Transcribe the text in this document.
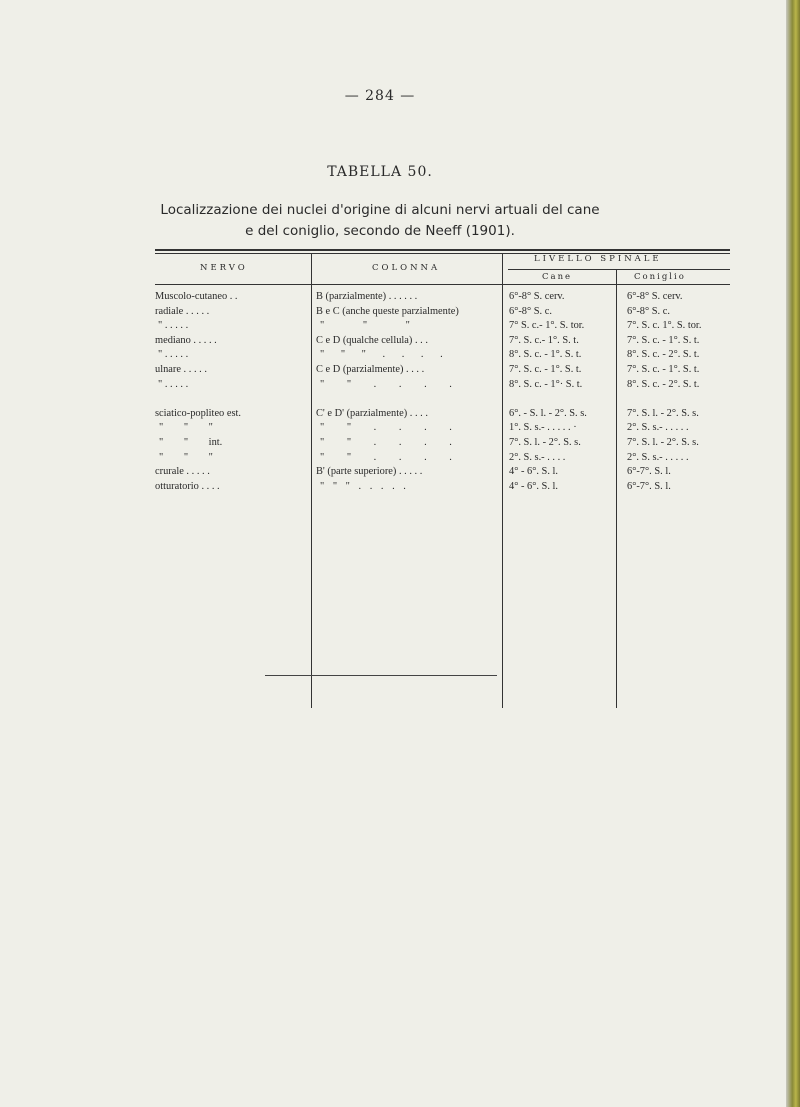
— 284 —
TABELLA 50.
Localizzazione dei nuclei d'origine di alcuni nervi artuali del cane
e del coniglio, secondo de Neeff (1901).
NERVO	COLONNA
LIVELLO SPINALE
Cane	Coniglio
Muscolo-cutaneo . .
radiale . . . . .
" . . . . .
mediano . . . . .
" . . . . .
ulnare . . . . .
" . . . . .
sciatico-popliteo est.
" " "
" " int.
" " "
crurale . . . . .
otturatorio . . . .
B (parzialmente) . . . . . .
B e C (anche queste parzialmente)
" " "
C e D (qualche cellula) . . .
" " " . . . .
C e D (parzialmente) . . . .
" " . . . .
C' e D' (parzialmente) . . . .
" " . . . .
" " . . . .
" " . . . .
B' (parte superiore) . . . . .
" " " . . . . .
6°-8° S. cerv.
6°-8° S. c.
7° S. c.- 1°. S. tor.
7°. S. c.- 1°. S. t.
8°. S. c. - 1°. S. t.
7°. S. c. - 1°. S. t.
8°. S. c. - 1°· S. t.
6°. - S. l. - 2°. S. s.
1°. S. s.- . . . . . ·
7°. S. l. - 2°. S. s.
2°. S. s.- . . . .
4° - 6°. S. l.
4° - 6°. S. l.
6°-8° S. cerv.
6°-8° S. c.
7°. S. c. 1°. S. tor.
7°. S. c. - 1°. S. t.
8°. S. c. - 2°. S. t.
7°. S. c. - 1°. S. t.
8°. S. c. - 2°. S. t.
7°. S. l. - 2°. S. s.
2°. S. s.- . . . . .
7°. S. l. - 2°. S. s.
2°. S. s.- . . . . .
6°-7°. S. l.
6°-7°. S. l.
